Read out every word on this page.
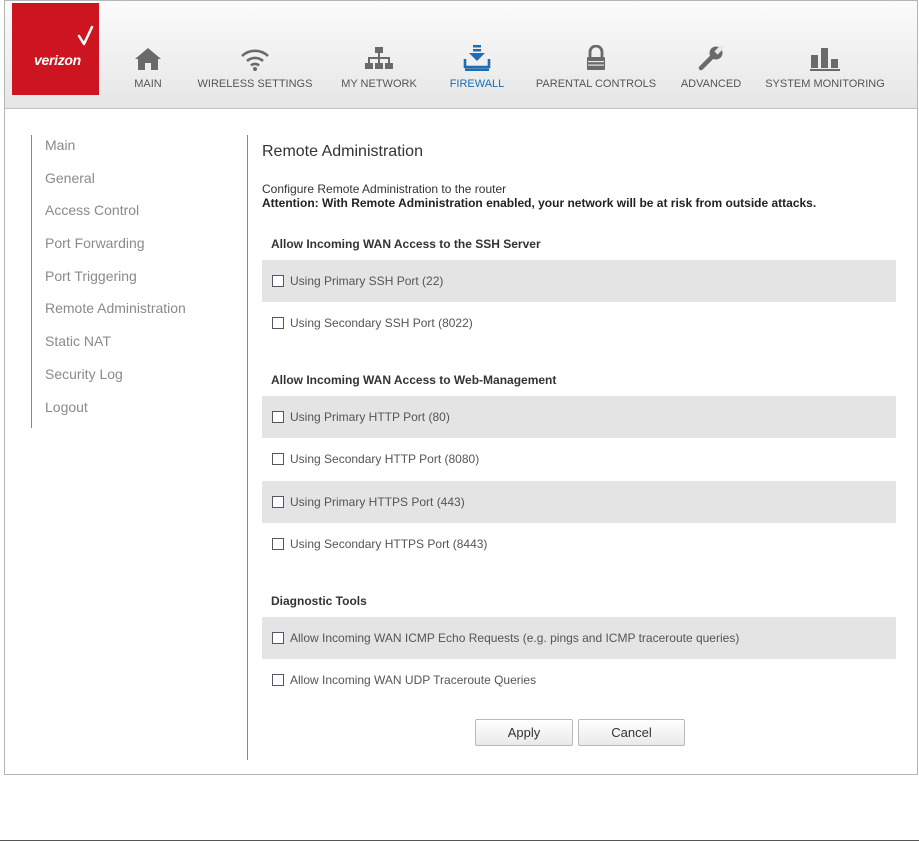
verizon
MAIN	WIRELESS SETTINGS	MY NETWORK	FIREWALL	PARENTAL CONTROLS ADVANCED SYSTEM MONITORING
Main
General
Access Control
Port Forwarding
Port Triggering
Remote Administration
Static NAT
Security Log
Logout
Remote Administration
Configure Remote Administration to the router
Attention: With Remote Administration enabled, your network will be at risk from outside attacks.
Allow Incoming WAN Access to the SSH Server
Using Primary SSH Port (22)
Using Secondary SSH Port (8022)
Allow Incoming WAN Access to Web-Management
Using Primary HTTP Port (80)
Using Secondary HTTP Port (8080)
Using Primary HTTPS Port (443)
Using Secondary HTTPS Port (8443)
Diagnostic Tools
Allow Incoming WAN ICMP Echo Requests (e.g. pings and ICMP traceroute queries)
Allow Incoming WAN UDP Traceroute Queries
Apply	Cancel
